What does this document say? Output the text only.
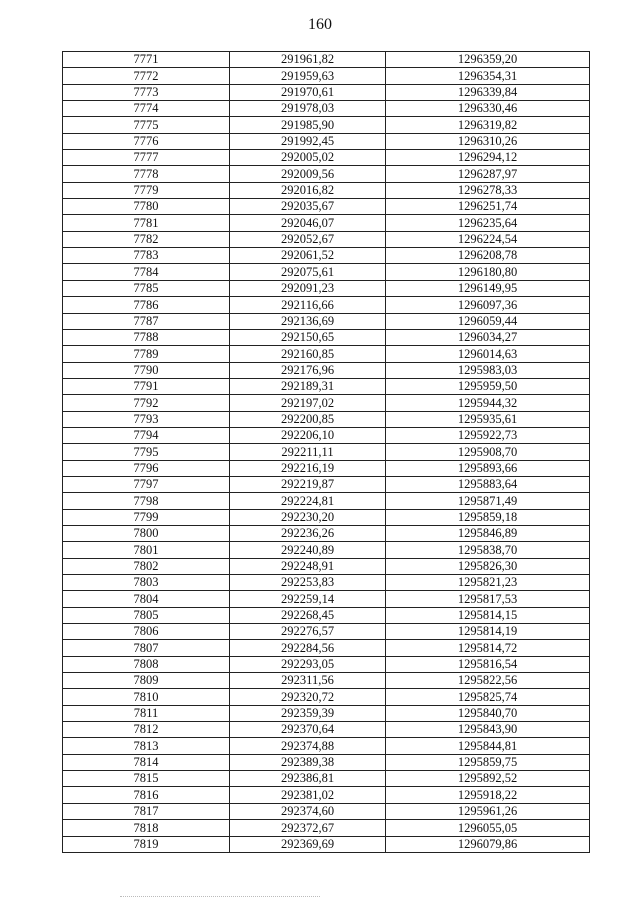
160
7771	291961,82	1296359,20
7772	291959,63	1296354,31
7773	291970,61	1296339,84
7774	291978,03	1296330,46
7775	291985,90	1296319,82
7776	291992,45	1296310,26
7777	292005,02	1296294,12
7778	292009,56	1296287,97
7779	292016,82	1296278,33
7780	292035,67	1296251,74
7781	292046,07	1296235,64
7782	292052,67	1296224,54
7783	292061,52	1296208,78
7784	292075,61	1296180,80
7785	292091,23	1296149,95
7786	292116,66	1296097,36
7787	292136,69	1296059,44
7788	292150,65	1296034,27
7789	292160,85	1296014,63
7790	292176,96	1295983,03
7791	292189,31	1295959,50
7792	292197,02	1295944,32
7793	292200,85	1295935,61
7794	292206,10	1295922,73
7795	292211,11	1295908,70
7796	292216,19	1295893,66
7797	292219,87	1295883,64
7798	292224,81	1295871,49
7799	292230,20	1295859,18
7800	292236,26	1295846,89
7801	292240,89	1295838,70
7802	292248,91	1295826,30
7803	292253,83	1295821,23
7804	292259,14	1295817,53
7805	292268,45	1295814,15
7806	292276,57	1295814,19
7807	292284,56	1295814,72
7808	292293,05	1295816,54
7809	292311,56	1295822,56
7810	292320,72	1295825,74
7811	292359,39	1295840,70
7812	292370,64	1295843,90
7813	292374,88	1295844,81
7814	292389,38	1295859,75
7815	292386,81	1295892,52
7816	292381,02	1295918,22
7817	292374,60	1295961,26
7818	292372,67	1296055,05
7819	292369,69	1296079,86
